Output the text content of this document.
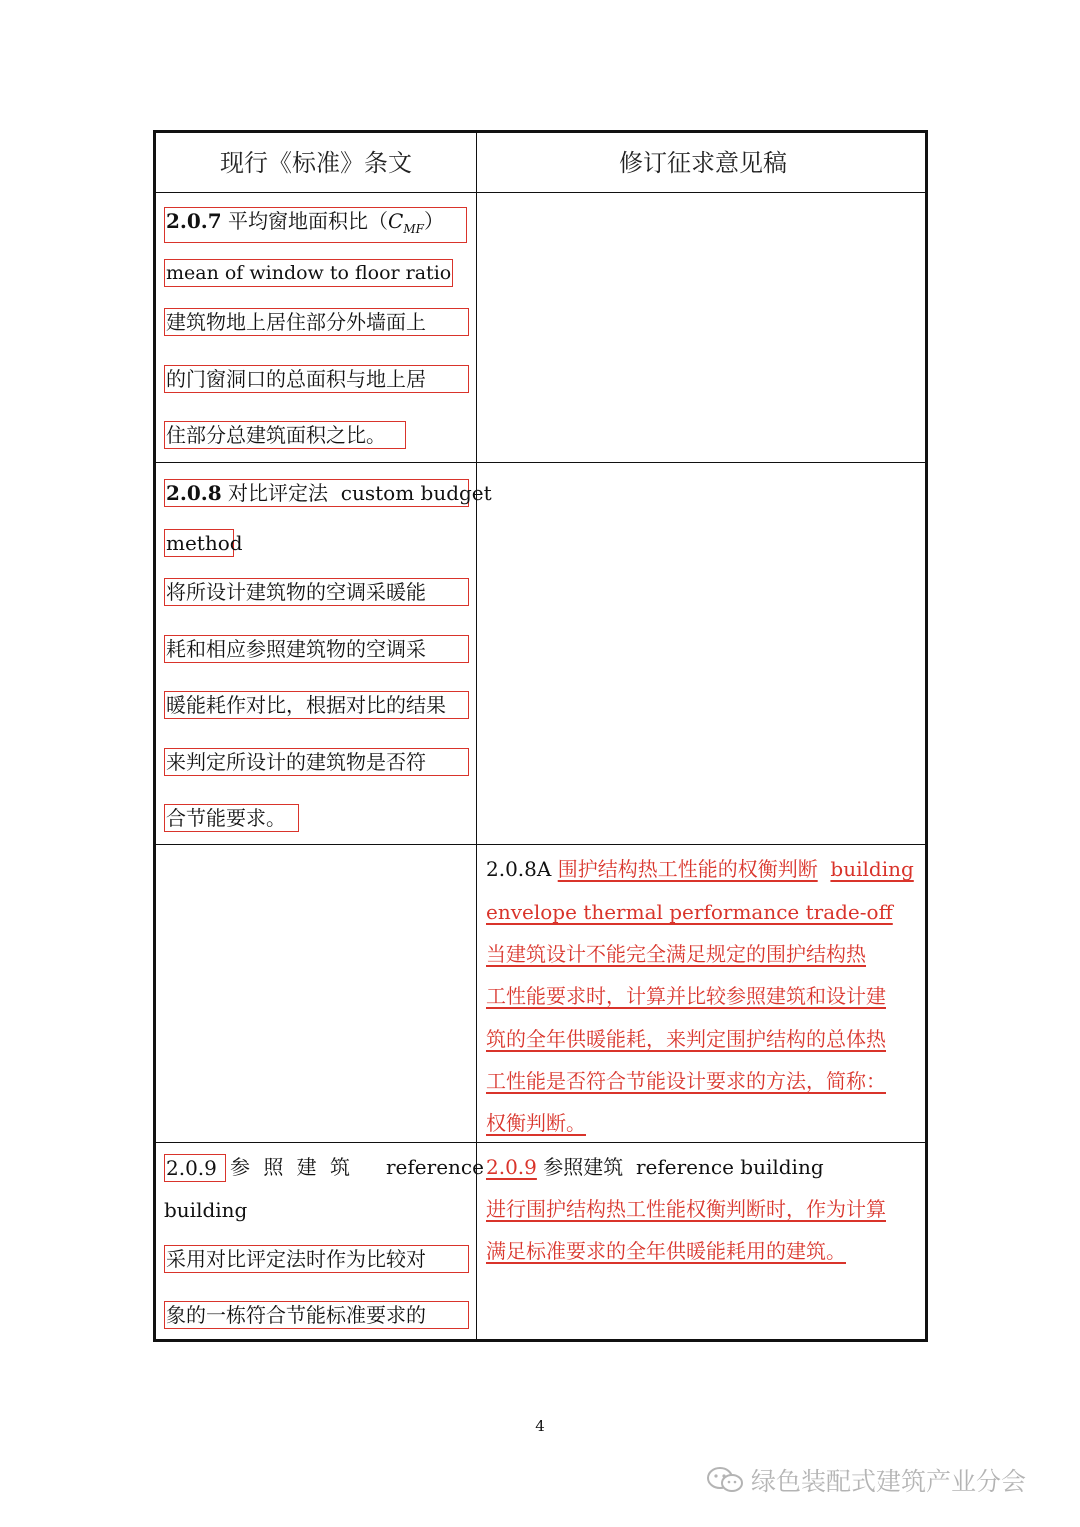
现行《标准》条文	修订征求意见稿
2.0.7 平均窗地面积比$(C_{MF})$
mean of window to floor ratio
建筑物地上居住部分外墙面上
的门窗洞口的总面积与地上居
住部分总建筑面积之比。
2.0.8 对比评定法 custom budget
method
将所设计建筑物的空调采暖能
耗和相应参照建筑物的空调采
暖能耗作对比，根据对比的结果
来判定所设计的建筑物是否符
合节能要求。
2.0.8A 围护结构热工性能的权衡判断 building
envelope thermal performance trade-off
当建筑设计不能完全满足规定的围护结构热
工性能要求时，计算并比较参照建筑和设计建
筑的全年供暖能耗，来判定围护结构的总体热
工性能是否符合节能设计要求的方法，简称：
权衡判断。
2.0.9 参 照 建 筑 reference
building
采用对比评定法时作为比较对
象的一栋符合节能标准要求的
2.0.9 参照建筑 reference building
进行围护结构热工性能权衡判断时，作为计算
满足标准要求的全年供暖能耗用的建筑。
4
绿色装配式建筑产业分会
